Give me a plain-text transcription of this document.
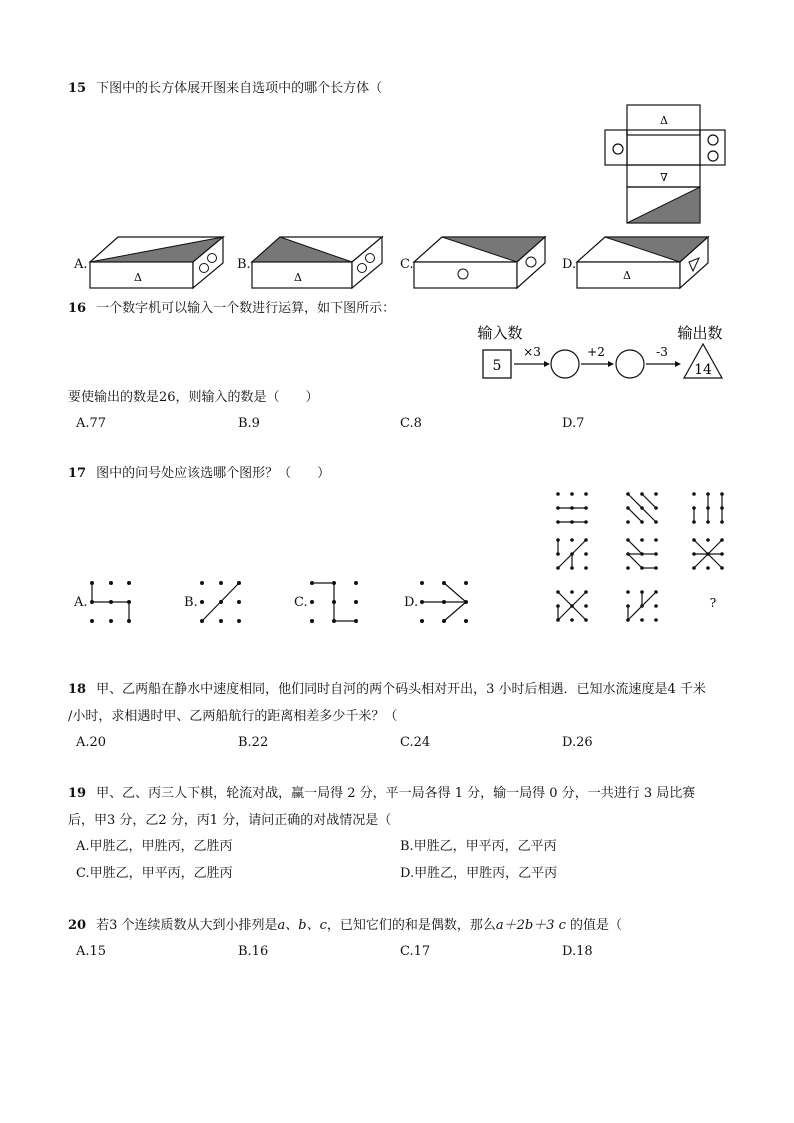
15 下图中的长方体展开图来自选项中的哪个长方体（
Δ
∇
A.
Δ
B.
Δ
C.	D.
Δ
16 一个数字机可以输入一个数进行运算，如下图所示：
输入数	输出数
5
×3	+2	-3
14
要使输出的数是26，则输入的数是（　　）
A.77	B.9	C.8	D.7
17 图中的问号处应该选哪个图形？（　　）
?
A.	B.	C.	D.
18 甲、乙两船在静水中速度相同，他们同时自河的两个码头相对开出，3 小时后相遇．已知水流速度是4 千米
/小时，求相遇时甲、乙两船航行的距离相差多少千米？（
A.20	B.22	C.24	D.26
19 甲、乙、丙三人下棋，轮流对战，赢一局得 2 分，平一局各得 1 分，输一局得 0 分，一共进行 3 局比赛
后，甲3 分，乙2 分，丙1 分，请问正确的对战情况是（
A.甲胜乙，甲胜丙，乙胜丙	B.甲胜乙，甲平丙，乙平丙
C.甲胜乙，甲平丙，乙胜丙	D.甲胜乙，甲胜丙，乙平丙
20 若3 个连续质数从大到小排列是a、b、c，已知它们的和是偶数，那么a＋2b＋3 c 的值是（
A.15	B.16	C.17	D.18
